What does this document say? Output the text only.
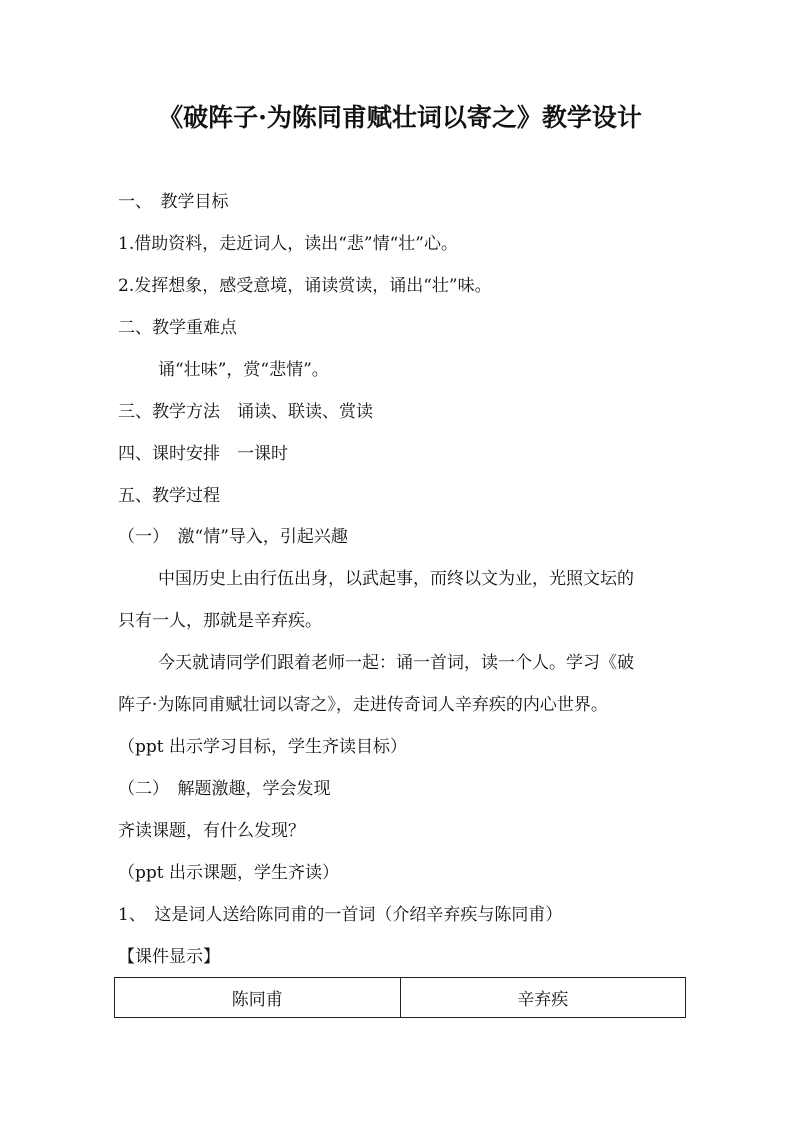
《破阵子·为陈同甫赋壮词以寄之》教学设计
一、　教学目标
1.借助资料，走近词人，读出“悲”情“壮”心。
2.发挥想象，感受意境，诵读赏读，诵出“壮”味。
二、教学重难点
诵“壮味”，赏“悲情”。
三、教学方法　诵读、联读、赏读
四、课时安排　一课时
五、教学过程
（一）　激“情”导入，引起兴趣
中国历史上由行伍出身，以武起事，而终以文为业，光照文坛的
只有一人，那就是辛弃疾。
今天就请同学们跟着老师一起：诵一首词，读一个人。学习《破
阵子·为陈同甫赋壮词以寄之》，走进传奇词人辛弃疾的内心世界。
（ppt 出示学习目标，学生齐读目标）
（二）　解题激趣，学会发现
齐读课题，有什么发现？
（ppt 出示课题，学生齐读）
1、　这是词人送给陈同甫的一首词（介绍辛弃疾与陈同甫）
【课件显示】
陈同甫	辛弃疾
